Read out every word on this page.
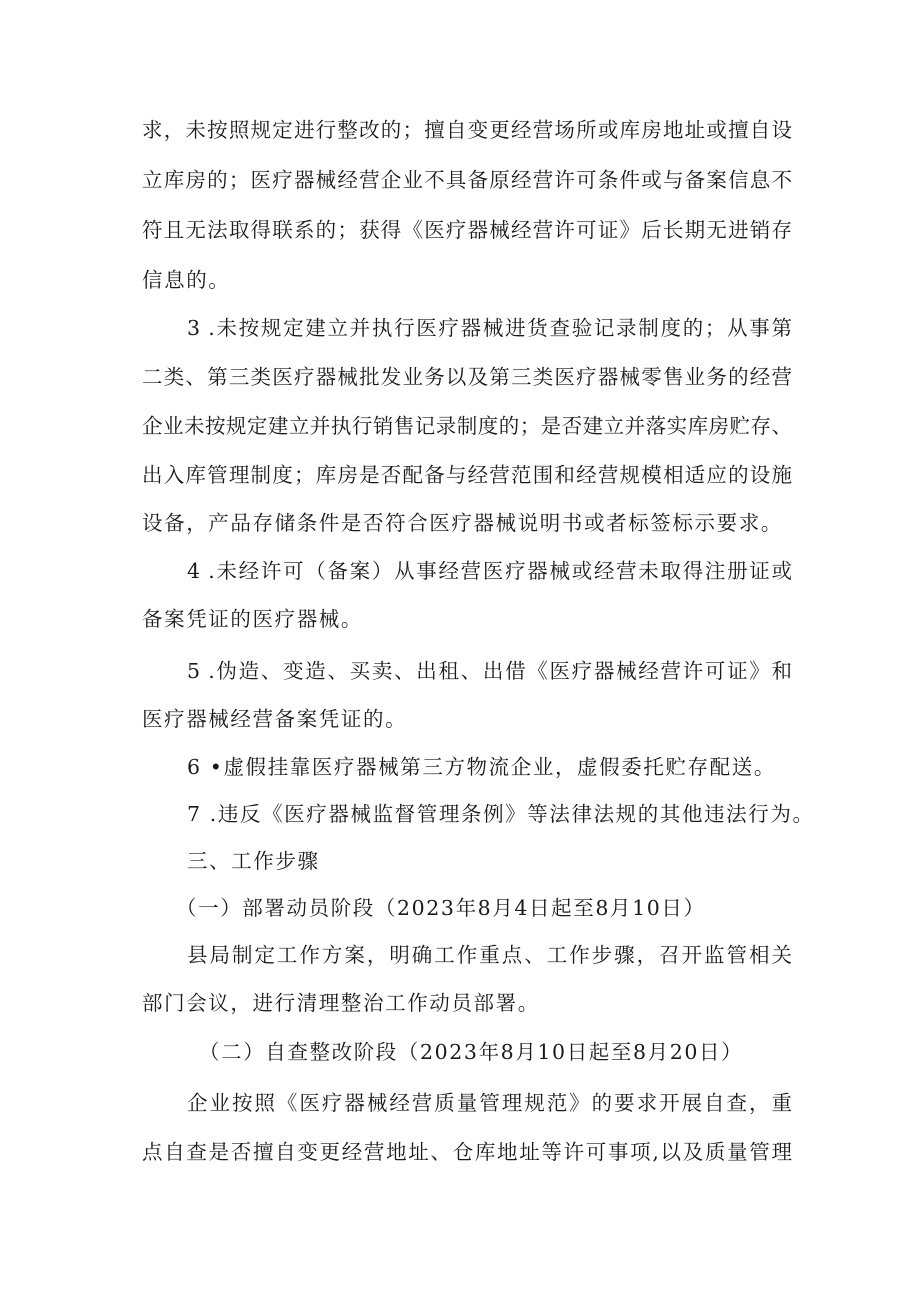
求，未按照规定进行整改的；擅自变更经营场所或库房地址或擅自设
立库房的；医疗器械经营企业不具备原经营许可条件或与备案信息不
符且无法取得联系的；获得《医疗器械经营许可证》后长期无进销存
信息的。
3 .未按规定建立并执行医疗器械进货查验记录制度的；从事第
二类、第三类医疗器械批发业务以及第三类医疗器械零售业务的经营
企业未按规定建立并执行销售记录制度的；是否建立并落实库房贮存、
出入库管理制度；库房是否配备与经营范围和经营规模相适应的设施
设备，产品存储条件是否符合医疗器械说明书或者标签标示要求。
4 .未经许可（备案）从事经营医疗器械或经营未取得注册证或
备案凭证的医疗器械。
5 .伪造、变造、买卖、出租、出借《医疗器械经营许可证》和
医疗器械经营备案凭证的。
6 •虚假挂靠医疗器械第三方物流企业，虚假委托贮存配送。
7 .违反《医疗器械监督管理条例》等法律法规的其他违法行为。
三、工作步骤
（一）部署动员阶段（2023年8月4日起至8月10日）
县局制定工作方案，明确工作重点、工作步骤，召开监管相关
部门会议，进行清理整治工作动员部署。
（二）自查整改阶段（2023年8月10日起至8月20日）
企业按照《医疗器械经营质量管理规范》的要求开展自查，重
点自查是否擅自变更经营地址、仓库地址等许可事项,以及质量管理
